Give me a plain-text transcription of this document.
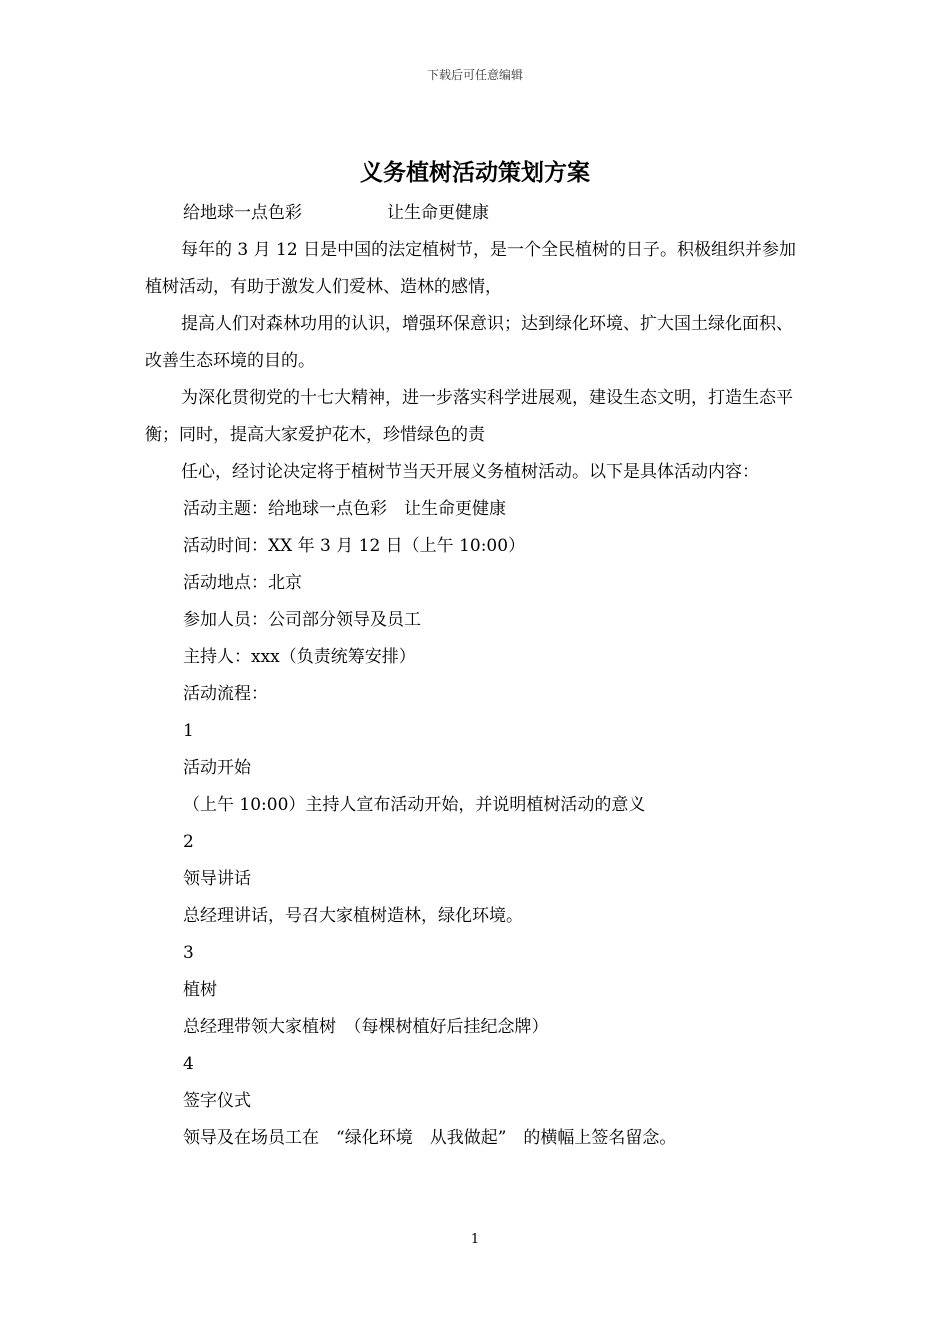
下载后可任意编辑
义务植树活动策划方案

给地球一点色彩　　　　　让生命更健康

每年的 3 月 12 日是中国的法定植树节，是一个全民植树的日子。积极组织并参加植树活动，有助于激发人们爱林、造林的感情，

提高人们对森林功用的认识，增强环保意识；达到绿化环境、扩大国土绿化面积、改善生态环境的目的。

为深化贯彻党的十七大精神，进一步落实科学进展观，建设生态文明，打造生态平衡；同时，提高大家爱护花木，珍惜绿色的责

任心，经讨论决定将于植树节当天开展义务植树活动。以下是具体活动内容：

活动主题：给地球一点色彩　让生命更健康

活动时间：XX 年 3 月 12 日（上午 10:00）

活动地点：北京

参加人员：公司部分领导及员工

主持人：xxx（负责统筹安排）

活动流程：

1

活动开始

（上午 10:00）主持人宣布活动开始，并说明植树活动的意义

2

领导讲话

总经理讲话，号召大家植树造林，绿化环境。

3

植树

总经理带领大家植树　（每棵树植好后挂纪念牌）

4

签字仪式

领导及在场员工在　“绿化环境　从我做起”　的横幅上签名留念。

1
